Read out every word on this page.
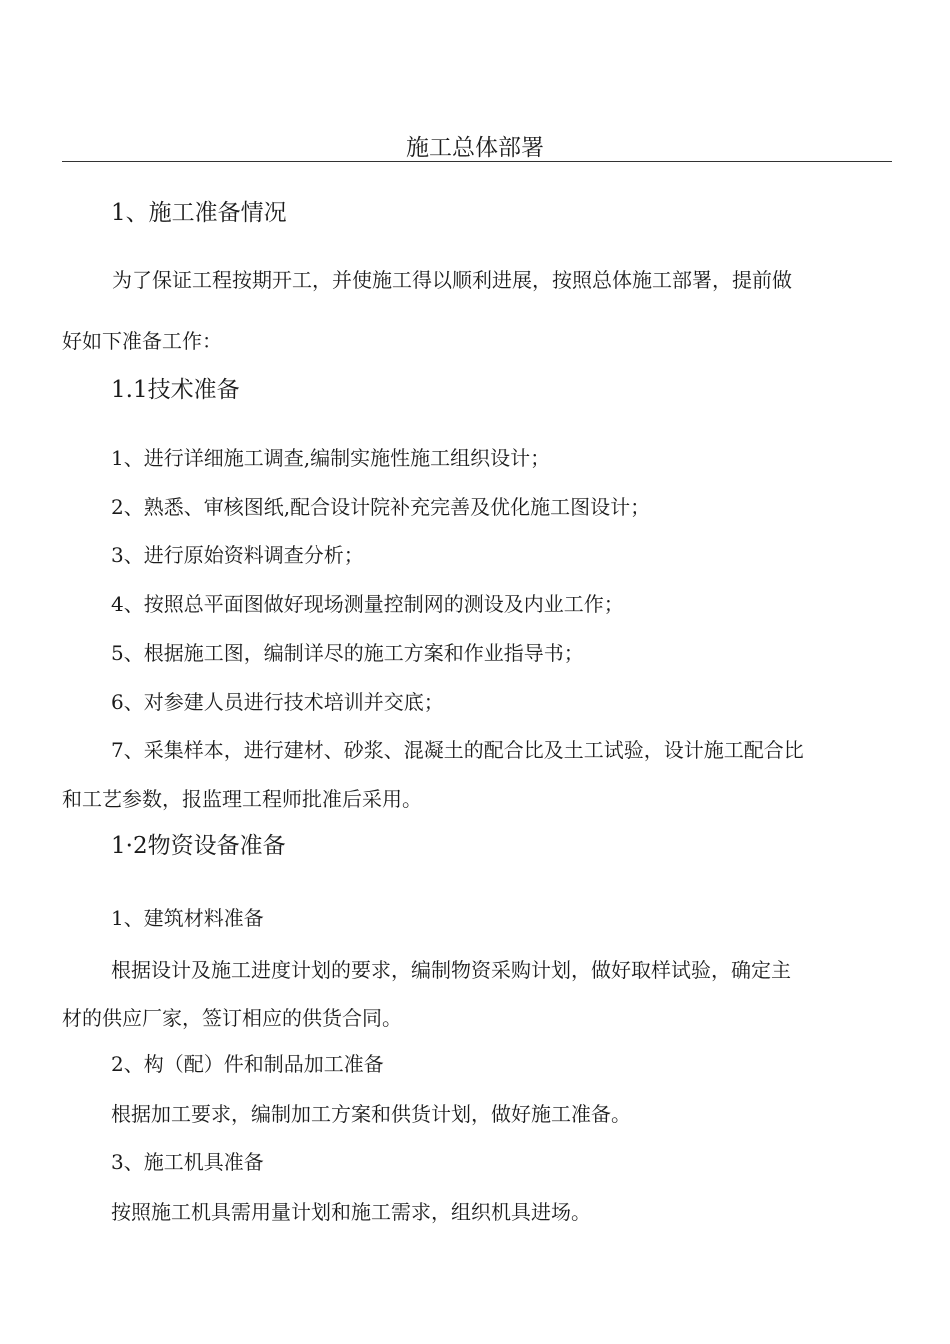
施工总体部署
1、施工准备情况
为了保证工程按期开工，并使施工得以顺利进展，按照总体施工部署，提前做
好如下准备工作：
1.1技术准备
1、进行详细施工调查,编制实施性施工组织设计；
2、熟悉、审核图纸,配合设计院补充完善及优化施工图设计；
3、进行原始资料调查分析；
4、按照总平面图做好现场测量控制网的测设及内业工作；
5、根据施工图，编制详尽的施工方案和作业指导书；
6、对参建人员进行技术培训并交底；
7、采集样本，进行建材、砂浆、混凝土的配合比及土工试验，设计施工配合比
和工艺参数，报监理工程师批准后采用。
1·2物资设备准备
1、建筑材料准备
根据设计及施工进度计划的要求，编制物资采购计划，做好取样试验，确定主
材的供应厂家，签订相应的供货合同。
2、构（配）件和制品加工准备
根据加工要求，编制加工方案和供货计划，做好施工准备。
3、施工机具准备
按照施工机具需用量计划和施工需求，组织机具进场。
